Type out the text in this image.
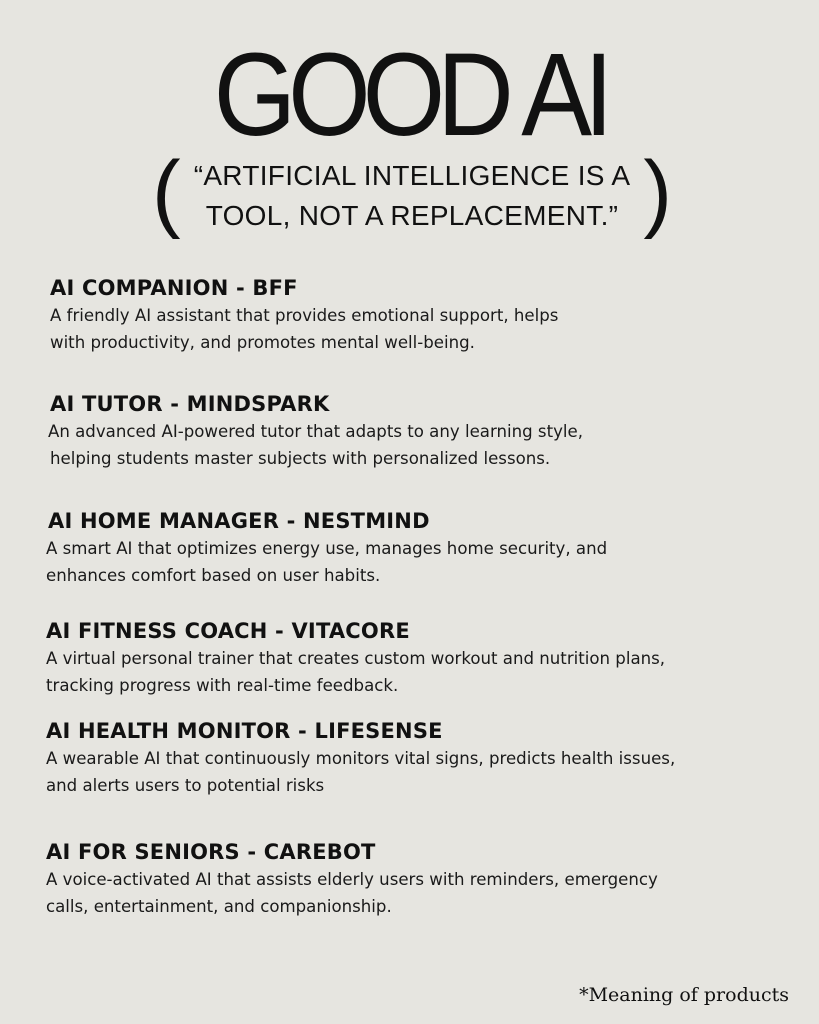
GOOD AI
( “ARTIFICIAL INTELLIGENCE IS A
TOOL, NOT A REPLACEMENT.” )
AI COMPANION - BFF

A friendly AI assistant that provides emotional support, helps

with productivity, and promotes mental well-being.

AI TUTOR - MINDSPARK

An advanced AI-powered tutor that adapts to any learning style,

helping students master subjects with personalized lessons.

AI HOME MANAGER - NESTMIND

A smart AI that optimizes energy use, manages home security, and

enhances comfort based on user habits.

AI FITNESS COACH - VITACORE

A virtual personal trainer that creates custom workout and nutrition plans,

tracking progress with real-time feedback.

AI HEALTH MONITOR - LIFESENSE

A wearable AI that continuously monitors vital signs, predicts health issues,

and alerts users to potential risks

AI FOR SENIORS - CAREBOT

A voice-activated AI that assists elderly users with reminders, emergency

calls, entertainment, and companionship.

*Meaning of products
